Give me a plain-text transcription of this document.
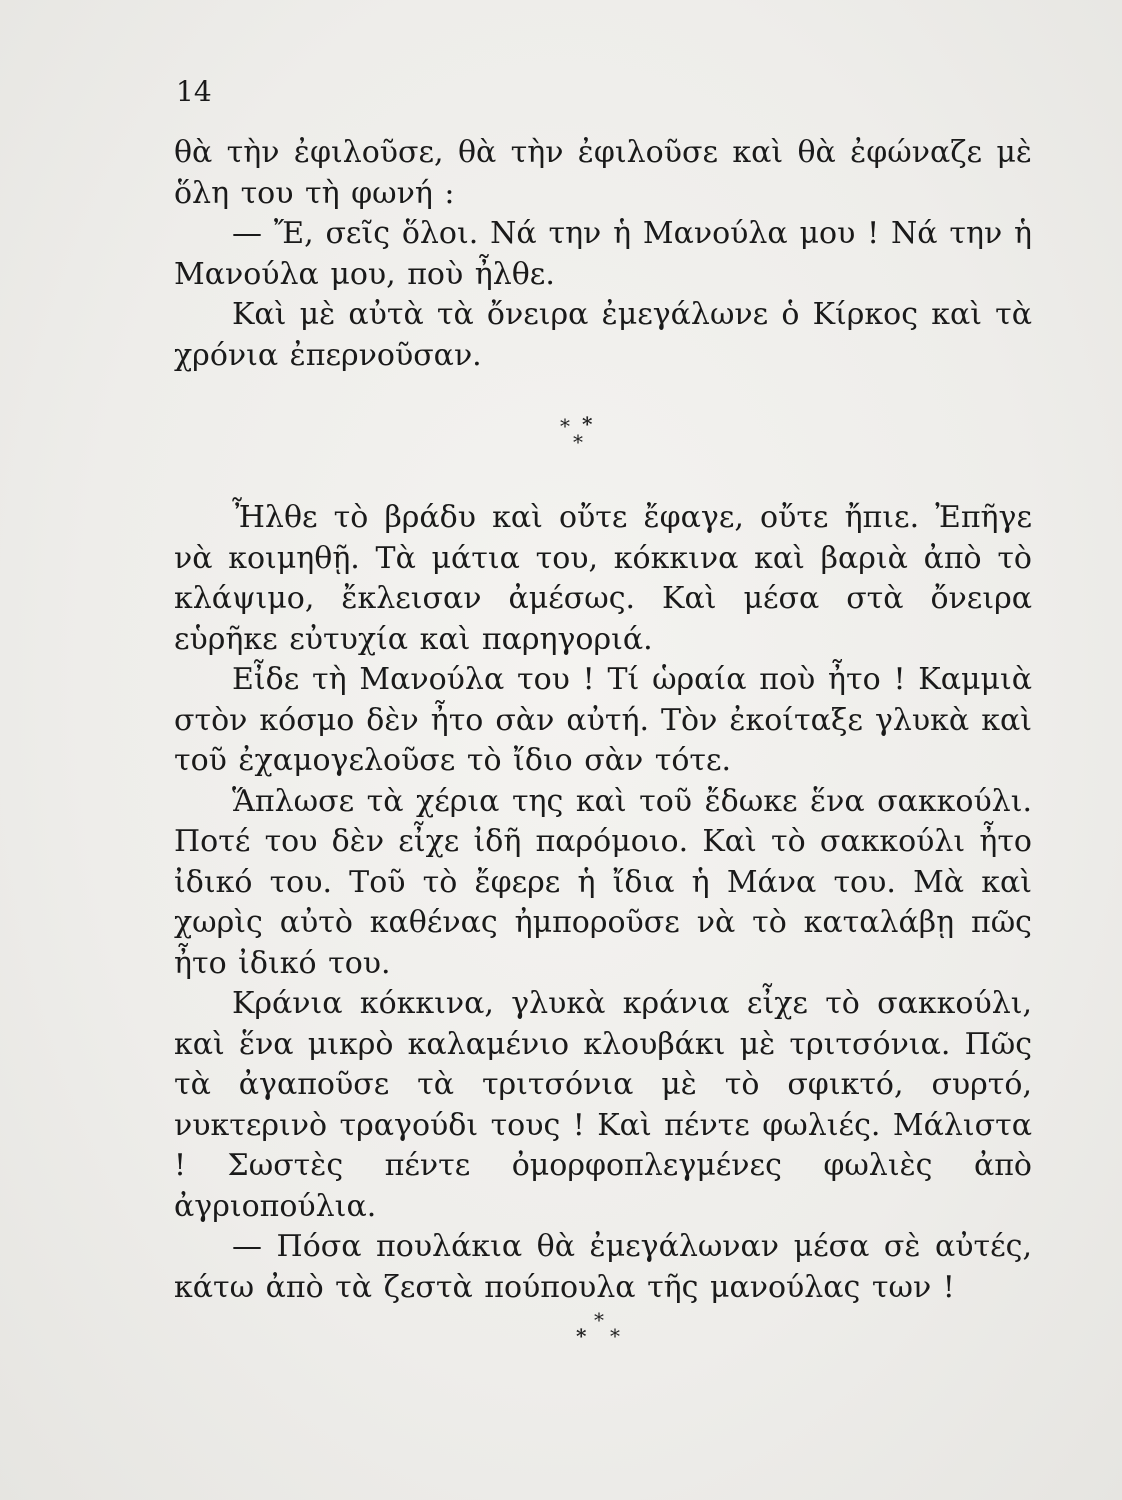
14

θὰ τὴν ἐφιλοῦσε, θὰ τὴν ἐφιλοῦσε καὶ θὰ ἐφώναζε μὲ ὅλη του τὴ φωνή :

— Ἔ, σεῖς ὅλοι. Νά την ἡ Μανούλα μου ! Νά την ἡ Μανούλα μου, ποὺ ἦλθε.

Καὶ μὲ αὐτὰ τὰ ὄνειρα ἐμεγάλωνε ὁ Κίρκος καὶ τὰ χρόνια ἐπερνοῦσαν.

* *
*

Ἦλθε τὸ βράδυ καὶ οὔτε ἔφαγε, οὔτε ἤπιε. Ἐπῆγε νὰ κοιμηθῇ. Τὰ μάτια του, κόκκινα καὶ βαριὰ ἀπὸ τὸ κλάψιμο, ἔκλεισαν ἀμέσως. Καὶ μέσα στὰ ὄνειρα εὑρῆκε εὐτυχία καὶ παρηγοριά.

Εἶδε τὴ Μανούλα του ! Τί ὡραία ποὺ ἦτο ! Καμμιὰ στὸν κόσμο δὲν ἦτο σὰν αὐτή. Τὸν ἐκοίταξε γλυκὰ καὶ τοῦ ἐχαμογελοῦσε τὸ ἴδιο σὰν τότε.

Ἅπλωσε τὰ χέρια της καὶ τοῦ ἔδωκε ἕνα σακκούλι. Ποτέ του δὲν εἶχε ἰδῆ παρόμοιο. Καὶ τὸ σακκούλι ἦτο ἰδικό του. Τοῦ τὸ ἔφερε ἡ ἴδια ἡ Μάνα του. Μὰ καὶ χωρὶς αὐτὸ καθένας ἠμποροῦσε νὰ τὸ καταλάβῃ πῶς ἦτο ἰδικό του.

Κράνια κόκκινα, γλυκὰ κράνια εἶχε τὸ σακκούλι, καὶ ἕνα μικρὸ καλαμένιο κλουβάκι μὲ τριτσόνια. Πῶς τὰ ἀγαποῦσε τὰ τριτσόνια μὲ τὸ σφικτό, συρτό, νυκτερινὸ τραγούδι τους ! Καὶ πέντε φωλιές. Μάλιστα ! Σωστὲς πέντε ὀμορφοπλεγμένες φωλιὲς ἀπὸ ἀγριοπούλια.

— Πόσα πουλάκια θὰ ἐμεγάλωναν μέσα σὲ αὐτές, κάτω ἀπὸ τὰ ζεστὰ πούπουλα τῆς μανούλας των !

*
* *
